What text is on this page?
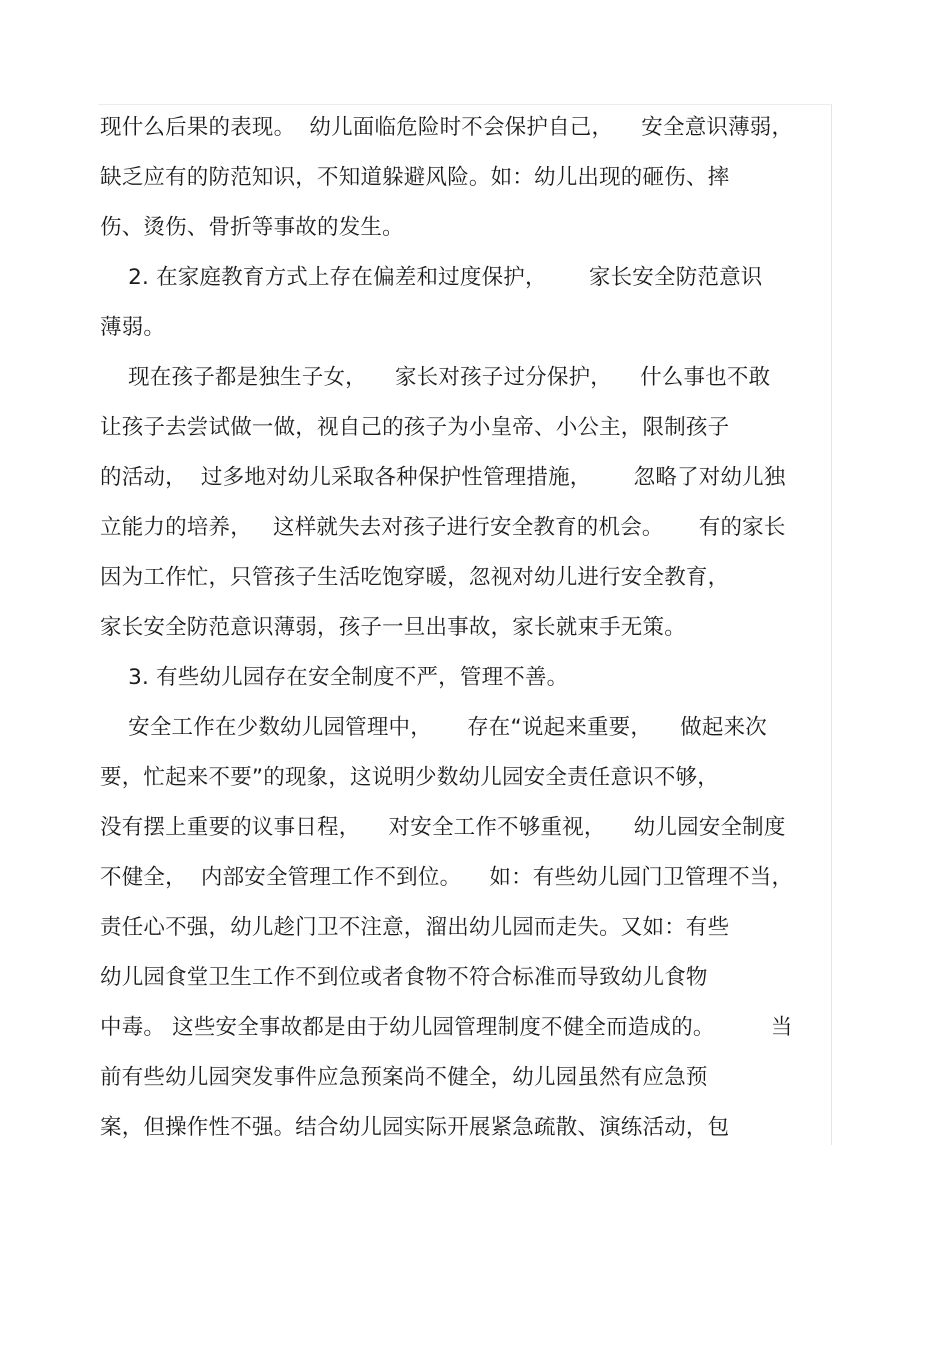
现什么后果的表现。  幼儿面临危险时不会保护自己，    安全意识薄弱，
缺乏应有的防范知识，不知道躲避风险。如：幼儿出现的砸伤、摔
伤、烫伤、骨折等事故的发生。
2. 在家庭教育方式上存在偏差和过度保护，      家长安全防范意识
薄弱。
现在孩子都是独生子女，    家长对孩子过分保护，    什么事也不敢
让孩子去尝试做一做，视自己的孩子为小皇帝、小公主，限制孩子
的活动，  过多地对幼儿采取各种保护性管理措施，      忽略了对幼儿独
立能力的培养，   这样就失去对孩子进行安全教育的机会。     有的家长
因为工作忙，只管孩子生活吃饱穿暖，忽视对幼儿进行安全教育，
家长安全防范意识薄弱，孩子一旦出事故，家长就束手无策。
3. 有些幼儿园存在安全制度不严，管理不善。
安全工作在少数幼儿园管理中，     存在“说起来重要，    做起来次
要，忙起来不要”的现象，这说明少数幼儿园安全责任意识不够，
没有摆上重要的议事日程，    对安全工作不够重视，    幼儿园安全制度
不健全，  内部安全管理工作不到位。    如：有些幼儿园门卫管理不当，
责任心不强，幼儿趁门卫不注意，溜出幼儿园而走失。又如：有些
幼儿园食堂卫生工作不到位或者食物不符合标准而导致幼儿食物
中毒。 这些安全事故都是由于幼儿园管理制度不健全而造成的。        当
前有些幼儿园突发事件应急预案尚不健全，幼儿园虽然有应急预
案，但操作性不强。结合幼儿园实际开展紧急疏散、演练活动，包
